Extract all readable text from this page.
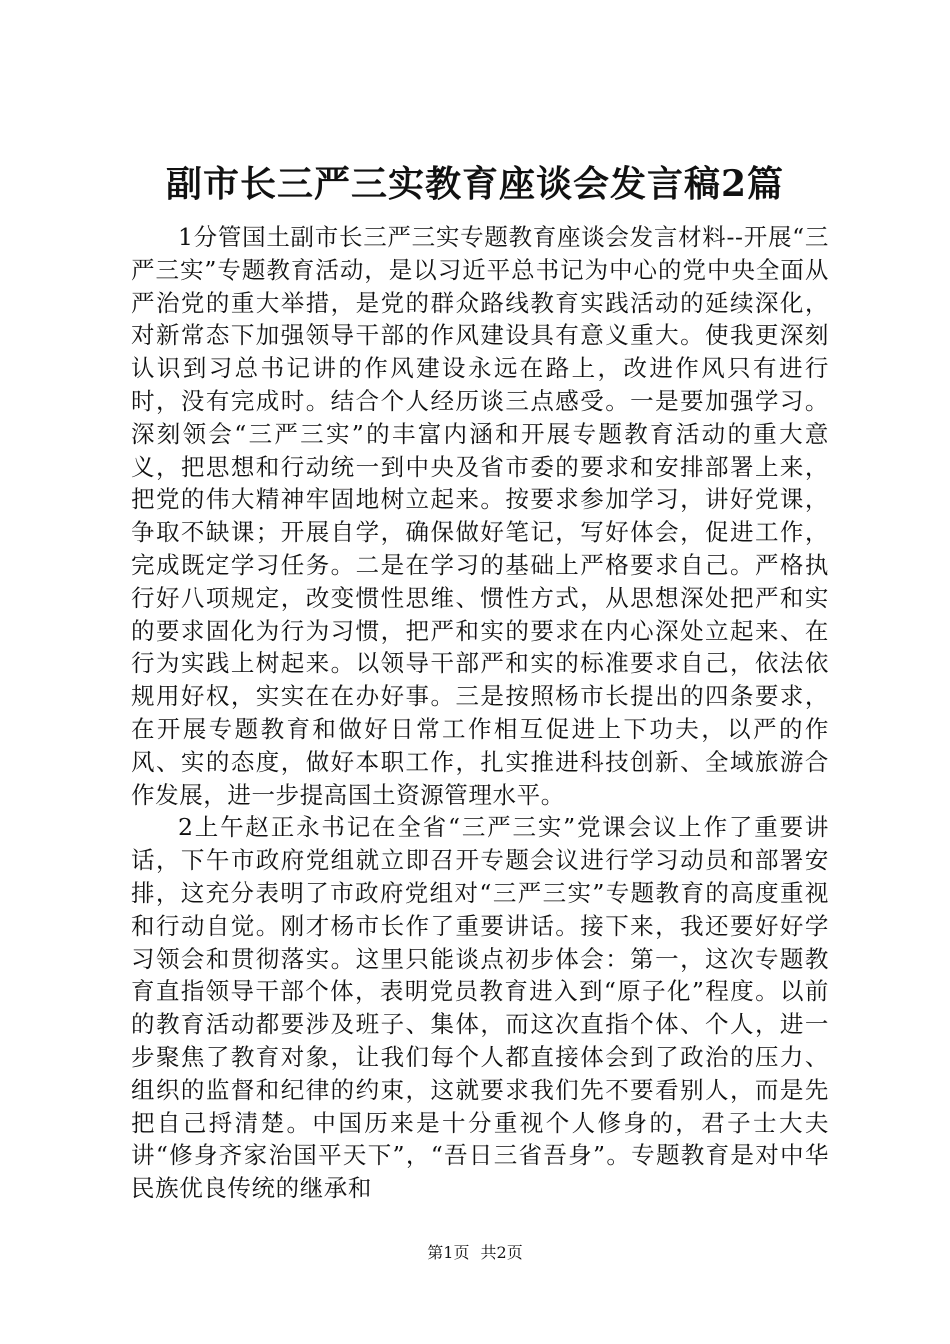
副市长三严三实教育座谈会发言稿2篇

1分管国土副市长三严三实专题教育座谈会发言材料--开展“三严三实”专题教育活动，是以习近平总书记为中心的党中央全面从严治党的重大举措，是党的群众路线教育实践活动的延续深化，对新常态下加强领导干部的作风建设具有意义重大。使我更深刻认识到习总书记讲的作风建设永远在路上，改进作风只有进行时，没有完成时。结合个人经历谈三点感受。一是要加强学习。深刻领会“三严三实”的丰富内涵和开展专题教育活动的重大意义，把思想和行动统一到中央及省市委的要求和安排部署上来，把党的伟大精神牢固地树立起来。按要求参加学习，讲好党课，争取不缺课；开展自学，确保做好笔记，写好体会，促进工作，完成既定学习任务。二是在学习的基础上严格要求自己。严格执行好八项规定，改变惯性思维、惯性方式，从思想深处把严和实的要求固化为行为习惯，把严和实的要求在内心深处立起来、在行为实践上树起来。以领导干部严和实的标准要求自己，依法依规用好权，实实在在办好事。三是按照杨市长提出的四条要求，在开展专题教育和做好日常工作相互促进上下功夫，以严的作风、实的态度，做好本职工作，扎实推进科技创新、全域旅游合作发展，进一步提高国土资源管理水平。

2上午赵正永书记在全省“三严三实”党课会议上作了重要讲话，下午市政府党组就立即召开专题会议进行学习动员和部署安排，这充分表明了市政府党组对“三严三实”专题教育的高度重视和行动自觉。刚才杨市长作了重要讲话。接下来，我还要好好学习领会和贯彻落实。这里只能谈点初步体会：第一，这次专题教育直指领导干部个体，表明党员教育进入到“原子化”程度。以前的教育活动都要涉及班子、集体，而这次直指个体、个人，进一步聚焦了教育对象，让我们每个人都直接体会到了政治的压力、组织的监督和纪律的约束，这就要求我们先不要看别人，而是先把自己捋清楚。中国历来是十分重视个人修身的，君子士大夫讲“修身齐家治国平天下”，“吾日三省吾身”。专题教育是对中华民族优良传统的继承和

第1页 共2页
